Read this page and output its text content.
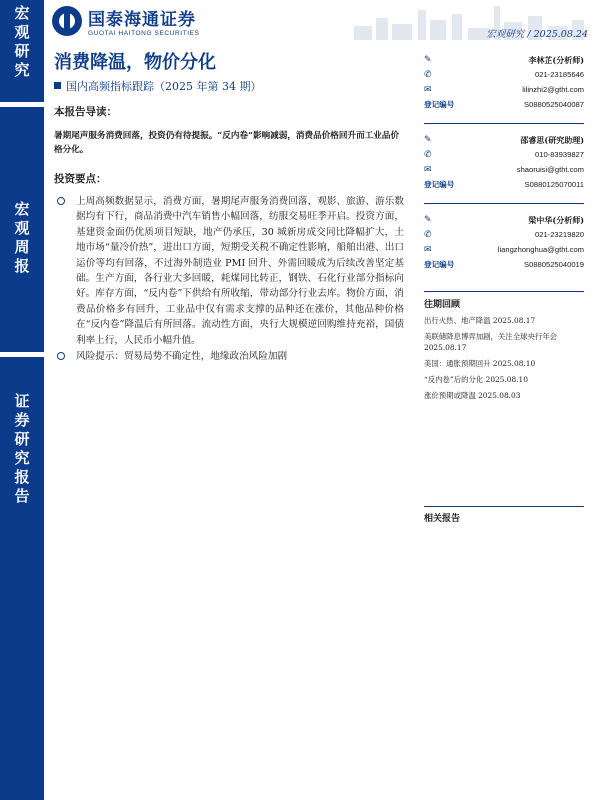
宏
观
研
究
宏
观
周
报
证
券
研
究
报
告
国泰海通证券
GUOTAI HAITONG SECURITIES	宏观研究 / 2025.08.24
消费降温，物价分化
国内高频指标跟踪（2025 年第 34 期）
本报告导读：
暑期尾声服务消费回落，投资仍有待提振。“反内卷”影响减弱，消费品价格回升而工业品价格分化。
投资要点：
上周高频数据显示，消费方面，暑期尾声服务消费回落，观影、旅游、游乐数据均有下行，商品消费中汽车销售小幅回落，纺服交易旺季开启。投资方面，基建资金面仍优质项目短缺，地产仍承压，30 城新房成交同比降幅扩大，土地市场“量冷价热”，进出口方面，短期受关税不确定性影响，船舶出港、出口运价等均有回落，不过海外制造业 PMI 回升、外需回暖成为后续改善坚定基础。生产方面，各行业大多回暖，耗煤同比转正，钢铁、石化行业部分指标向好。库存方面，“反内卷”下供给有所收缩，带动部分行业去库。物价方面，消费品价格多有回升，工业品中仅有需求支撑的品种还在涨价，其他品种价格在“反内卷”降温后有所回落。流动性方面，央行大规模逆回购维持充裕，国债利率上行，人民币小幅升值。
风险提示：贸易局势不确定性，地缘政治风险加剧
✎	李林芷(分析师)
✆	021-23185646
✉	lilinzhi2@gtht.com
登记编号	S0880525040087
✎	邵睿思(研究助理)
✆	010-83939827
✉	shaoruisi@gtht.com
登记编号	S0880125070011
✎	梁中华(分析师)
✆	021-23219820
✉	liangzhonghua@gtht.com
登记编号	S0880525040019
往期回顾
出行火热、地产降温 2025.08.17
美联储降息博弈加剧，关注全球央行年会 2025.08.17
美国：通胀预期回升 2025.08.10
“反内卷”后的分化 2025.08.10
涨价预期或降温 2025.08.03
相关报告
